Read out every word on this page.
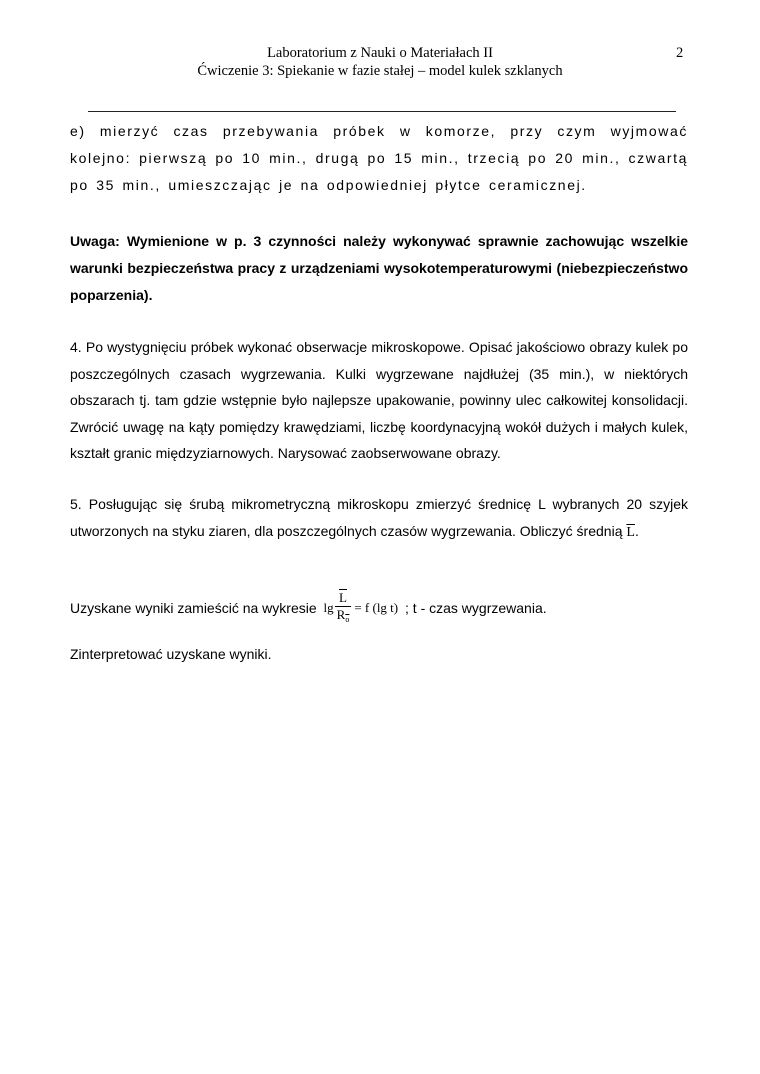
Laboratorium z Nauki o Materiałach II
Ćwiczenie 3: Spiekanie w fazie stałej – model kulek szklanych
2
e) mierzyć czas przebywania próbek w komorze, przy czym wyjmować kolejno: pierwszą po 10 min., drugą po 15 min., trzecią po 20 min., czwartą po 35 min., umieszczając je na odpowiedniej płytce ceramicznej.
Uwaga: Wymienione w p. 3 czynności należy wykonywać sprawnie zachowując wszelkie warunki bezpieczeństwa pracy z urządzeniami wysokotemperaturowymi (niebezpieczeństwo poparzenia).
4. Po wystygnięciu próbek wykonać obserwacje mikroskopowe. Opisać jakościowo obrazy kulek po poszczególnych czasach wygrzewania. Kulki wygrzewane najdłużej (35 min.), w niektórych obszarach tj. tam gdzie wstępnie było najlepsze upakowanie, powinny ulec całkowitej konsolidacji. Zwrócić uwagę na kąty pomiędzy krawędziami, liczbę koordynacyjną wokół dużych i małych kulek, kształt granic międzyziarnowych. Narysować zaobserwowane obrazy.
5. Posługując się śrubą mikrometryczną mikroskopu zmierzyć średnicę L wybranych 20 szyjek utworzonych na styku ziaren, dla poszczególnych czasów wygrzewania. Obliczyć średnią $\overline{L}$.
Uzyskane wyniki zamieścić na wykresie $\lg \frac{\overline{L}}{R_o} = f$ (lg t) ; t - czas wygrzewania.
Zinterpretować uzyskane wyniki.
